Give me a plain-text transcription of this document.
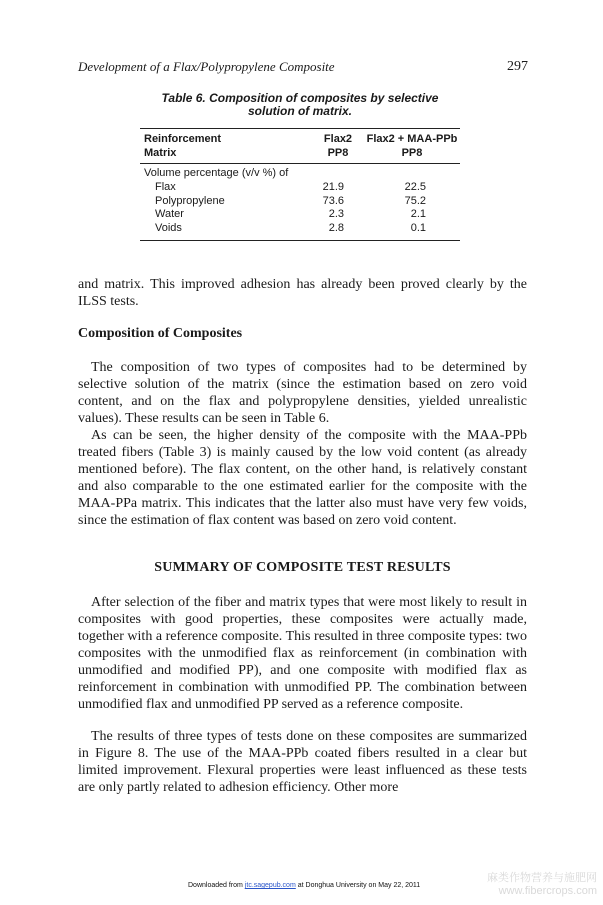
Development of a Flax/Polypropylene Composite	297
Table 6. Composition of composites by selective
solution of matrix.
Reinforcement	Flax2	Flax2 + MAA-PPb
Matrix	PP8	PP8
Volume percentage (v/v %) of
Flax	21.9	22.5
Polypropylene	73.6	75.2
Water	2.3	2.1
Voids	2.8	0.1

and matrix. This improved adhesion has already been proved clearly by the ILSS tests.

Composition of Composites

The composition of two types of composites had to be determined by selective solution of the matrix (since the estimation based on zero void content, and on the flax and polypropylene densities, yielded unrealistic values). These results can be seen in Table 6.

As can be seen, the higher density of the composite with the MAA-PPb treated fibers (Table 3) is mainly caused by the low void content (as already mentioned before). The flax content, on the other hand, is relatively constant and also comparable to the one estimated earlier for the composite with the MAA-PPa matrix. This indicates that the latter also must have very few voids, since the estimation of flax content was based on zero void content.

SUMMARY OF COMPOSITE TEST RESULTS

After selection of the fiber and matrix types that were most likely to result in composites with good properties, these composites were actually made, together with a reference composite. This resulted in three composite types: two composites with the unmodified flax as reinforcement (in combination with unmodified and modified PP), and one composite with modified flax as reinforcement in combination with unmodified PP. The combination between unmodified flax and unmodified PP served as a reference composite.

The results of three types of tests done on these composites are summarized in Figure 8. The use of the MAA-PPb coated fibers resulted in a clear but limited improvement. Flexural properties were least influenced as these tests are only partly related to adhesion efficiency. Other more

Downloaded from jtc.sagepub.com at Donghua University on May 22, 2011
麻类作物营养与施肥网
www.fibercrops.com
